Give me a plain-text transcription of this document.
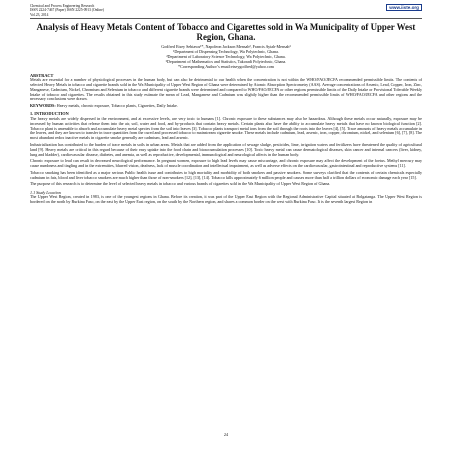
Chemical and Process Engineering Research
ISSN 2224-7467 (Paper) ISSN 2225-0913 (Online)
Vol.23, 2014
www.iiste.org
Analysis of Heavy Metals Content of Tobacco and Cigarettes sold in Wa Municipality of Upper West Region, Ghana.
Godfred Etsey Sebiawu¹*, Napoleon Jackson Mensah², Francis Ayiah-Mensah³
¹Department of Dispensing Technology, Wa Polytechnic, Ghana.
²Department of Laboratory Science Technology, Wa Polytechnic, Ghana.
³Department of Mathematics and Statistics, Takoradi Polytechnic, Ghana.
*Corresponding Author’s email:etseygodfred@yahoo.com
ABSTRACT

Metals are essential for a number of physiological processes in the human body, but can also be detrimental to our health when the concentration is not within the WHO/FAO/JECFA recommended permissible limits. The contents of selected Heavy Metals in tobacco and cigarette brands sold in the Wa Municipality of Upper West Region of Ghana were determined by Atomic Absorption Spectrometry (AAS). Average concentrations of Arsenic, Lead, Copper, Iron, Zinc, Manganese, Cadmium, Nickel, Chromium and Selenium in tobacco and different cigarette brands were determined and compared to WHO/FAO/JECFA or other regions permissible limits of the Daily Intake or Provisional Tolerable Weekly Intake of tobacco and cigarettes. The results obtained in this study estimate the mean of Lead, Manganese and Cadmium was slightly higher than the recommended permissible limits of WHO/FAO/JECFA and other regions and the necessary conclusions were drawn.

KEYWORDS: Heavy metals, chronic exposure, Tobacco plants, Cigarettes, Daily Intake.

1. INTRODUCTION

The heavy metals are widely dispersed in the environment, and at excessive levels, are very toxic to humans [1]. Chronic exposure to these substances may also be hazardous. Although these metals occur naturally, exposure may be increased by human activities that release them into the air, soil, water and food, and by-products that contain heavy metals. Certain plants also have the ability to accumulate heavy metals that have no known biological function [2]. Tobacco plant is amenable to absorb and accumulate heavy metal species from the soil into leaves [3]. Tobacco plants transport metal ions from the soil through the roots into the leaves [4], [5]. Trace amounts of heavy metals accumulate in the leaves, and they are known to transfer in trace quantities from the cured and processed tobacco to mainstream cigarette smoke. These metals include cadmium, lead, arsenic, iron, copper, chromium, nickel, and selenium [6], [7], [8]. The most abundant redox inactive metals in cigarette smoke generally are cadmium, lead and arsenic.

Industrialization has contributed to the burden of trace metals in soils in urban areas. Metals that are added from the application of sewage sludge, pesticides, lime, irrigation waters and fertilizers have threatened the quality of agricultural land [9]. Heavy metals are critical in this regard because of their easy uptake into the food chain and bioaccumulation processes [10]. Toxic heavy metal can cause dermatological diseases, skin cancer and internal cancers (liver, kidney, lung and bladder), cardiovascular disease, diabetes, and anemia, as well as reproductive, developmental, immunological and neurological affects in the human body.

Chronic exposure to lead can result in decreased neurological performance. In pregnant women, exposure to high lead levels may cause miscarriage, and chronic exposure may affect the development of the foetus. Methyl mercury may cause numbness and tingling and in the extremities, blurred vision, deafness, lack of muscle coordination and intellectual impairment, as well as adverse effects on the cardiovascular, gastrointestinal and reproductive systems [11].

Tobacco smoking has been identified as a major serious Public health issue and contributes to high mortality and morbidity of both smokers and passive smokers. Some surveys clarified that the contents of certain chemicals especially cadmium in fats, blood and liver tobacco smokers are much higher than those of non-smokers [12], [13], [14]. Tobacco kills approximately 6 million people and causes more than half a trillion dollars of economic damage each year [15].

The purpose of this research is to determine the level of selected heavy metals in tobacco and various brands of cigarettes sold in the Wa Municipality of Upper West Region of Ghana.

1.1 Study Location

The Upper West Region, created in 1983, is one of the youngest regions in Ghana. Before its creation, it was part of the Upper East Region with the Regional Administrative Capital situated at Bolgatanga. The Upper West Region is bordered on the north by Burkina Faso, on the east by the Upper East region, on the south by the Northern region, and shares a common border on the west with Burkina Faso. It is the seventh largest Region in

24
